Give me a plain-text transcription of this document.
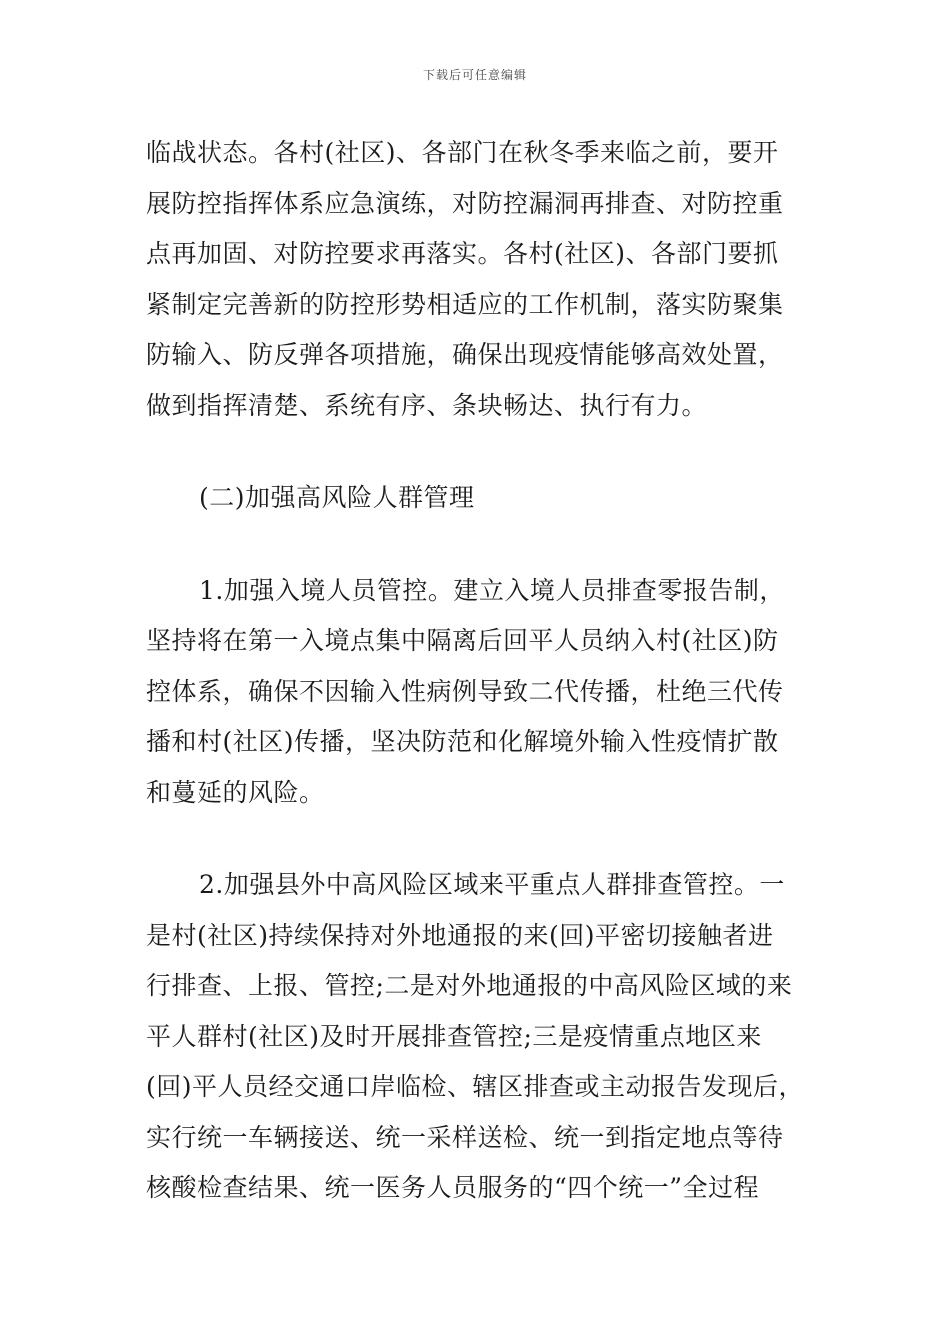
下载后可任意编辑

临战状态。各村(社区)、各部门在秋冬季来临之前，要开
展防控指挥体系应急演练，对防控漏洞再排查、对防控重
点再加固、对防控要求再落实。各村(社区)、各部门要抓
紧制定完善新的防控形势相适应的工作机制，落实防聚集
防输入、防反弹各项措施，确保出现疫情能够高效处置，
做到指挥清楚、系统有序、条块畅达、执行有力。

(二)加强高风险人群管理

1.加强入境人员管控。建立入境人员排查零报告制，
坚持将在第一入境点集中隔离后回平人员纳入村(社区)防
控体系，确保不因输入性病例导致二代传播，杜绝三代传
播和村(社区)传播，坚决防范和化解境外输入性疫情扩散
和蔓延的风险。

2.加强县外中高风险区域来平重点人群排查管控。一
是村(社区)持续保持对外地通报的来(回)平密切接触者进
行排查、上报、管控;二是对外地通报的中高风险区域的来
平人群村(社区)及时开展排查管控;三是疫情重点地区来
(回)平人员经交通口岸临检、辖区排查或主动报告发现后，
实行统一车辆接送、统一采样送检、统一到指定地点等待
核酸检查结果、统一医务人员服务的“四个统一”全过程
